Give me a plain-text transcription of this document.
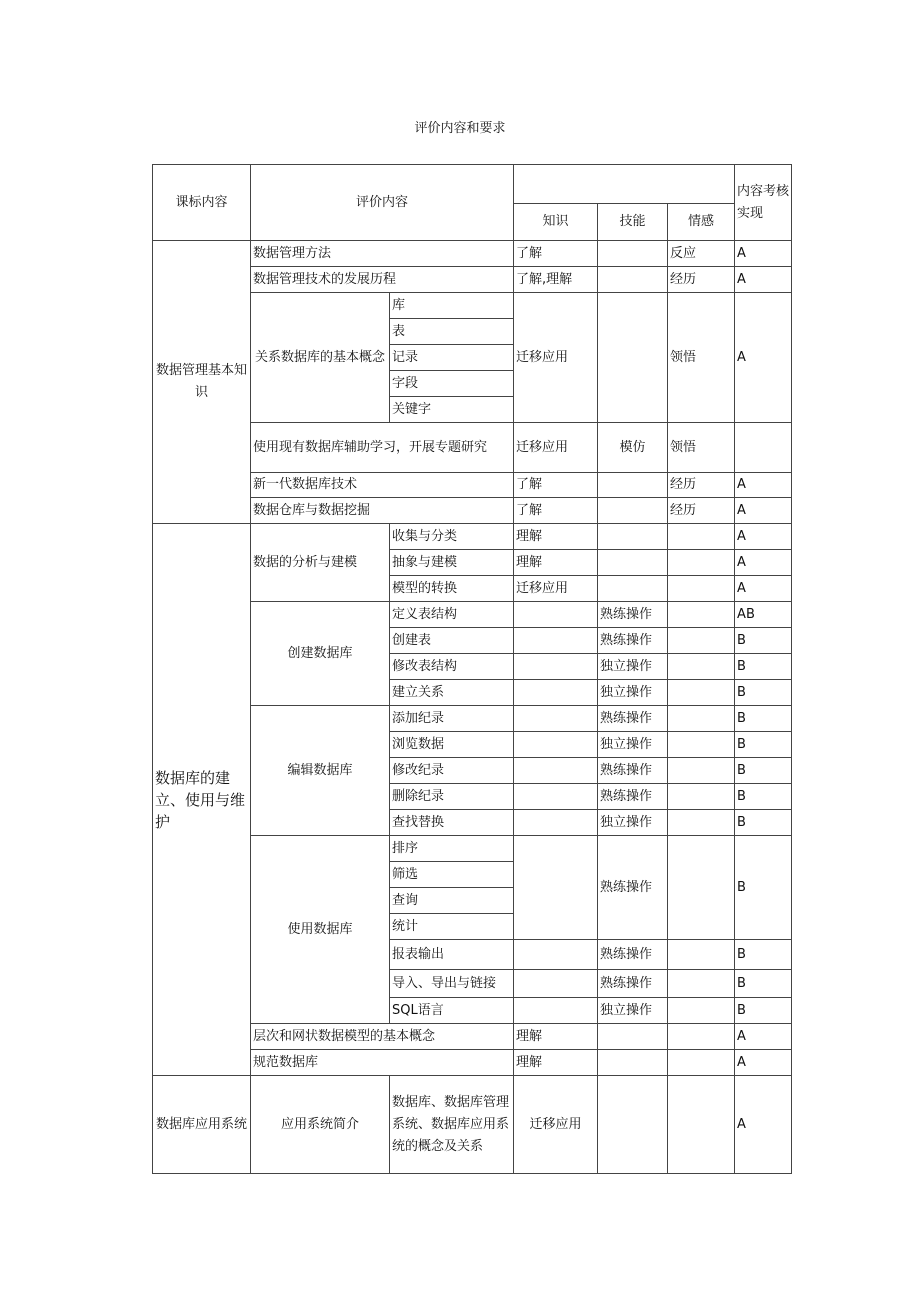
评价内容和要求
课标内容	评价内容					内容考核实现
			知识	技能	情感	
数据管理基本知识	数据管理方法		了解		反应	A
	数据管理技术的发展历程		了解,理解		经历	A
	关系数据库的基本概念	库	迁移应用		领悟	A
		表				
		记录				
		字段				
		关键字				
	使用现有数据库辅助学习，开展专题研究		迁移应用	模仿	领悟	
	新一代数据库技术		了解		经历	A
	数据仓库与数据挖掘		了解		经历	A
数据库的建立、使用与维护	数据的分析与建模	收集与分类	理解			A
		抽象与建模	理解			A
		模型的转换	迁移应用			A
	创建数据库	定义表结构		熟练操作		AB
		创建表		熟练操作		B
		修改表结构		独立操作		B
		建立关系		独立操作		B
	编辑数据库	添加纪录		熟练操作		B
		浏览数据		独立操作		B
		修改纪录		熟练操作		B
		删除纪录		熟练操作		B
		查找替换		独立操作		B
	使用数据库	排序		熟练操作		B
		筛选				
		查询				
		统计				
		报表输出		熟练操作		B
		导入、导出与链接		熟练操作		B
		SQL语言		独立操作		B
	层次和网状数据模型的基本概念		理解			A
	规范数据库		理解			A
数据库应用系统	应用系统简介	数据库、数据库管理系统、数据库应用系统的概念及关系	迁移应用			A
